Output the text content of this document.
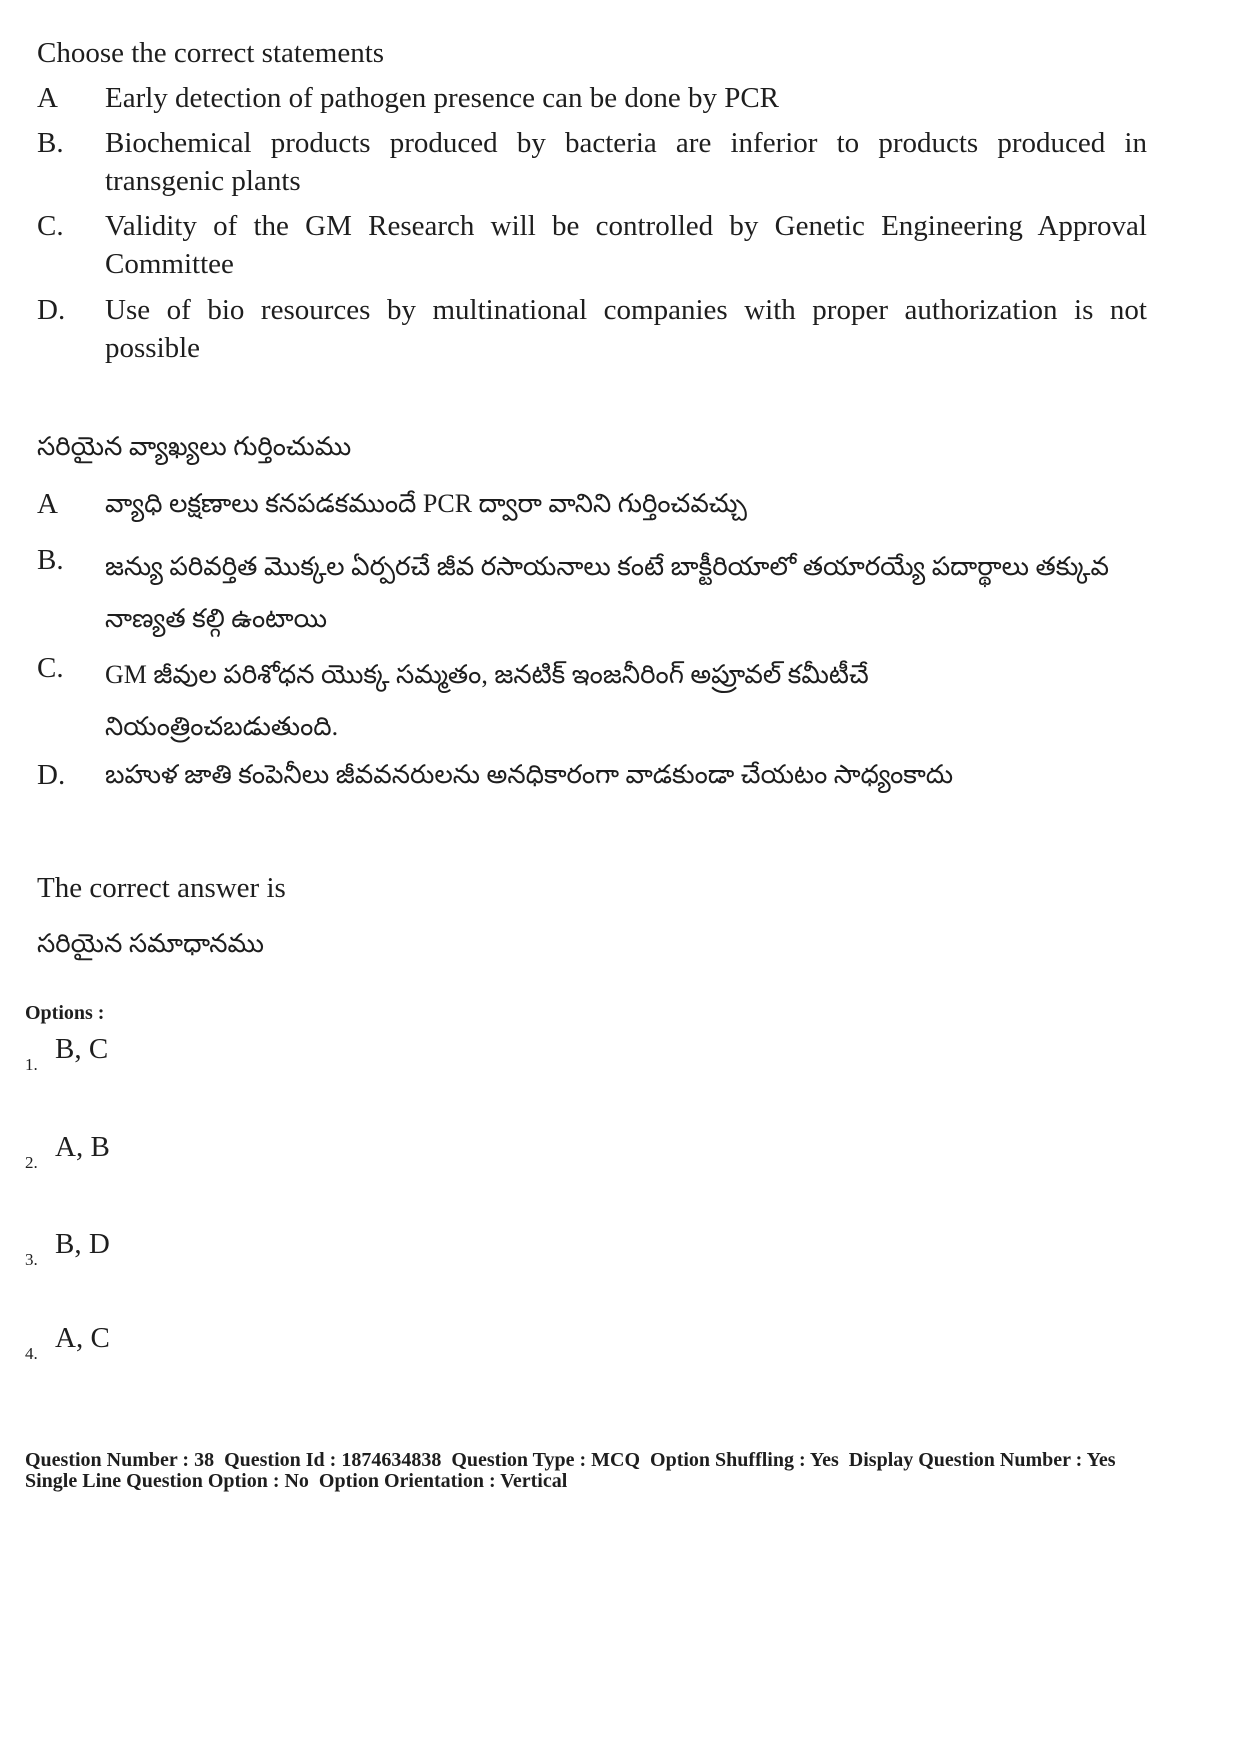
Choose the correct statements
A Early detection of pathogen presence can be done by PCR
B. Biochemical products produced by bacteria are inferior to products produced in transgenic plants
C. Validity of the GM Research will be controlled by Genetic Engineering Approval Committee
D. Use of bio resources by multinational companies with proper authorization is not possible
సరియైన వ్యాఖ్యలు గుర్తించుము
A వ్యాధి లక్షణాలు కనపడకముందే PCR ద్వారా వానిని గుర్తించవచ్చు
B. జన్యు పరివర్తిత మొక్కల ఏర్పరచే జీవ రసాయనాలు కంటే బాక్టీరియాలో తయారయ్యే పదార్థాలు తక్కువ నాణ్యత కల్గి ఉంటాయి
C. GM జీవుల పరిశోధన యొక్క సమ్మతం, జనటిక్ ఇంజనీరింగ్ అప్రూవల్ కమీటీచే నియంత్రించబడుతుంది.
D. బహుళ జాతి కంపెనీలు జీవవనరులను అనధికారంగా వాడకుండా చేయటం సాధ్యంకాదు
The correct answer is
సరియైన సమాధానము
Options :
1. B, C
2. A, B
3. B, D
4. A, C
Question Number : 38  Question Id : 1874634838  Question Type : MCQ  Option Shuffling : Yes  Display Question Number : Yes
Single Line Question Option : No  Option Orientation : Vertical
